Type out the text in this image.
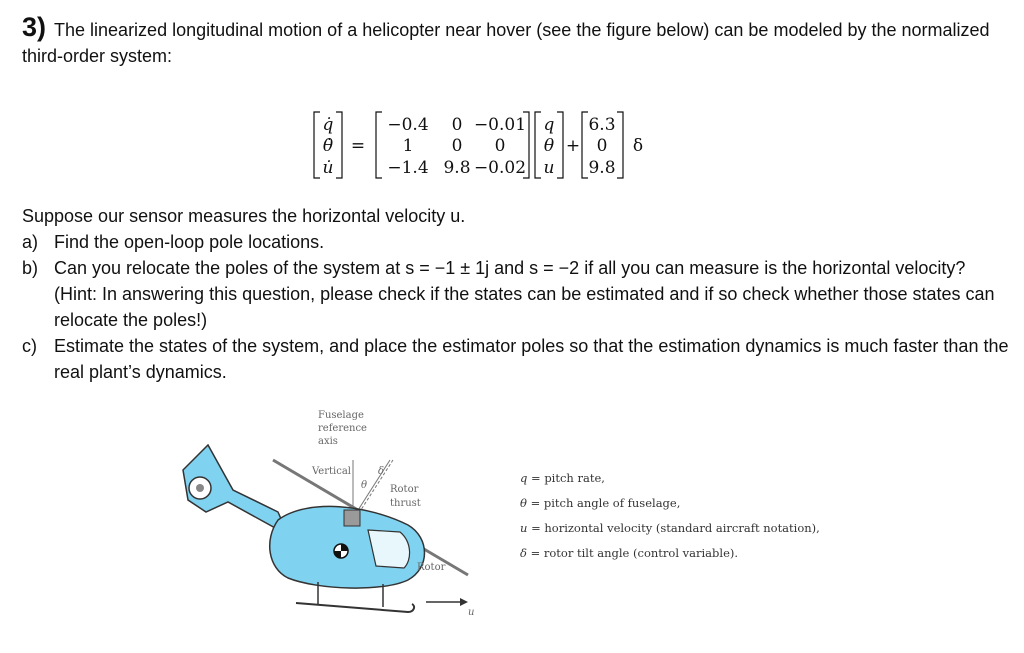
3) The linearized longitudinal motion of a helicopter near hover (see the figure below) can be modeled by the normalized third-order system:
q̇
θ̇
u̇
=
−0.4 0 −0.01
1 0 0
−1.4 9.8 −0.02
q
θ
u
+
6.3
0
9.8
δ
Suppose our sensor measures the horizontal velocity u.
a) Find the open-loop pole locations.
b) Can you relocate the poles of the system at s = −1 ± 1j and s = −2 if all you can measure is the horizontal velocity? (Hint: In answering this question, please check if the states can be estimated and if so check whether those states can relocate the poles!)
c) Estimate the states of the system, and place the estimator poles so that the estimation dynamics is much faster than the real plant’s dynamics.
Fuselage
reference
axis
Vertical
θ
δ
Rotor
thrust
Rotor
u
q = pitch rate,
θ = pitch angle of fuselage,
u = horizontal velocity (standard aircraft notation),
δ = rotor tilt angle (control variable).
